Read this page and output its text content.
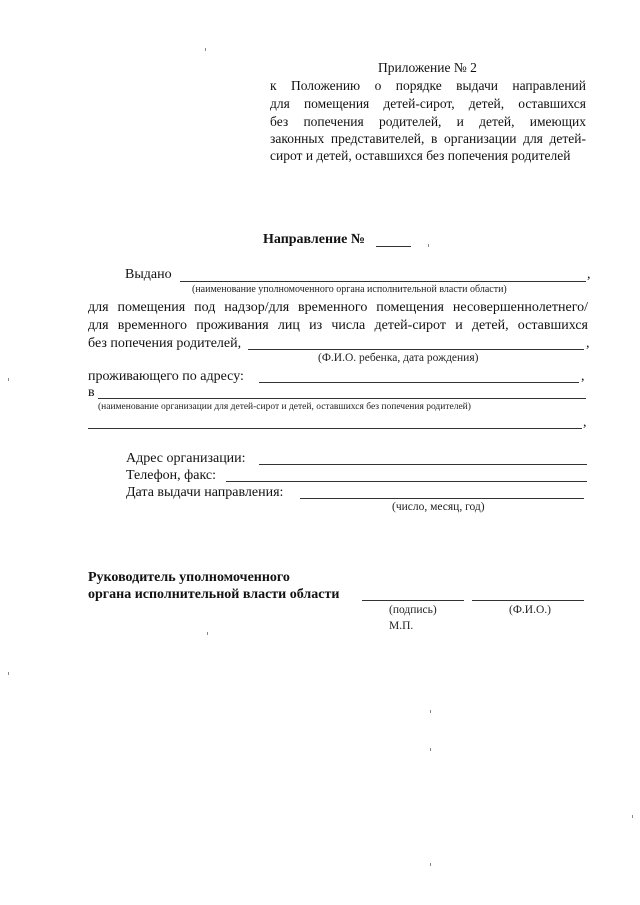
Приложение № 2
к Положению о порядке выдачи направлений
для помещения детей-сирот, детей, оставшихся
без попечения родителей, и детей, имеющих
законных представителей, в организации для детей-
сирот и детей, оставшихся без попечения родителей
Направление №
Выдано	,
(наименование уполномоченного органа исполнительной власти области)
для помещения под надзор/для временного помещения несовершеннолетнего/
для временного проживания лиц из числа детей-сирот и детей, оставшихся
без попечения родителей,	,
(Ф.И.О. ребенка, дата рождения)
проживающего по адресу:	,
в
(наименование организации для детей-сирот и детей, оставшихся без попечения родителей)
,
Адрес организации:
Телефон, факс:
Дата выдачи направления:
(число, месяц, год)
Руководитель уполномоченного
органа исполнительной власти области
(подпись)	(Ф.И.О.)
М.П.
